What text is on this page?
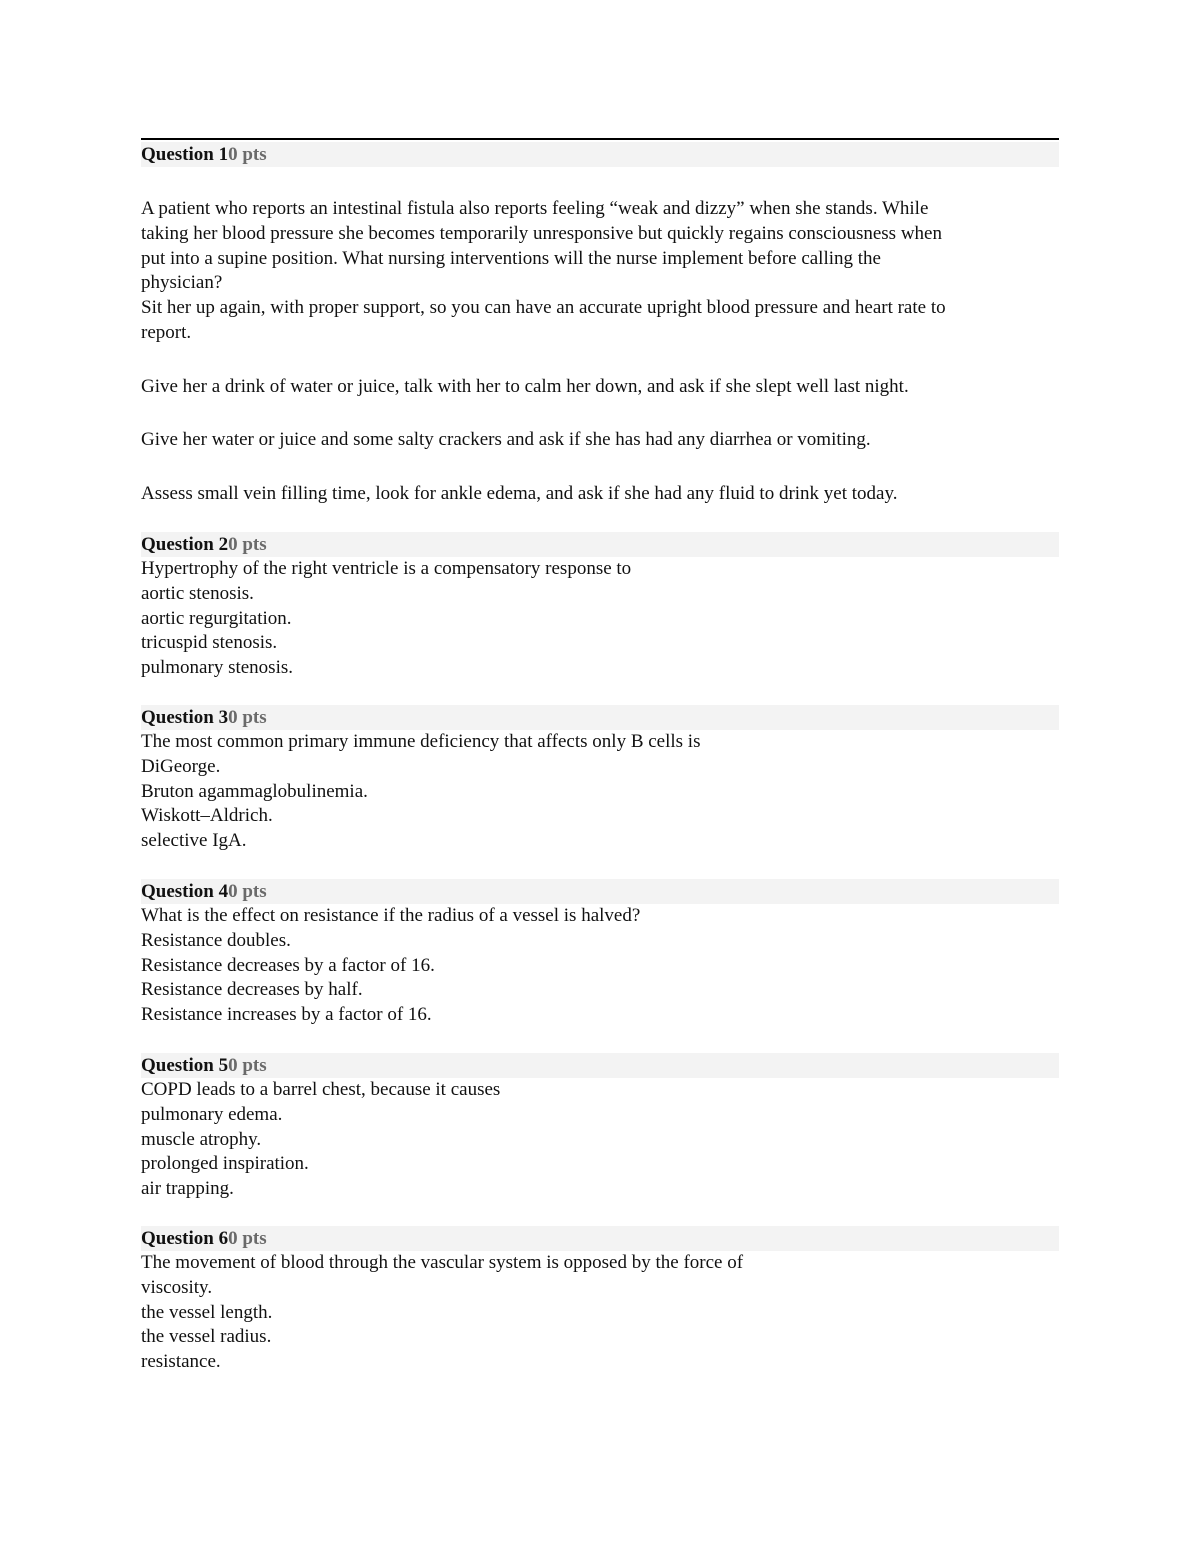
Question 10 pts
A patient who reports an intestinal fistula also reports feeling “weak and dizzy” when she stands. While
taking her blood pressure she becomes temporarily unresponsive but quickly regains consciousness when
put into a supine position. What nursing interventions will the nurse implement before calling the
physician?
Sit her up again, with proper support, so you can have an accurate upright blood pressure and heart rate to
report.
Give her a drink of water or juice, talk with her to calm her down, and ask if she slept well last night.
Give her water or juice and some salty crackers and ask if she has had any diarrhea or vomiting.
Assess small vein filling time, look for ankle edema, and ask if she had any fluid to drink yet today.
Question 20 pts
Hypertrophy of the right ventricle is a compensatory response to
aortic stenosis.
aortic regurgitation.
tricuspid stenosis.
pulmonary stenosis.
Question 30 pts
The most common primary immune deficiency that affects only B cells is
DiGeorge.
Bruton agammaglobulinemia.
Wiskott–Aldrich.
selective IgA.
Question 40 pts
What is the effect on resistance if the radius of a vessel is halved?
Resistance doubles.
Resistance decreases by a factor of 16.
Resistance decreases by half.
Resistance increases by a factor of 16.
Question 50 pts
COPD leads to a barrel chest, because it causes
pulmonary edema.
muscle atrophy.
prolonged inspiration.
air trapping.
Question 60 pts
The movement of blood through the vascular system is opposed by the force of
viscosity.
the vessel length.
the vessel radius.
resistance.
